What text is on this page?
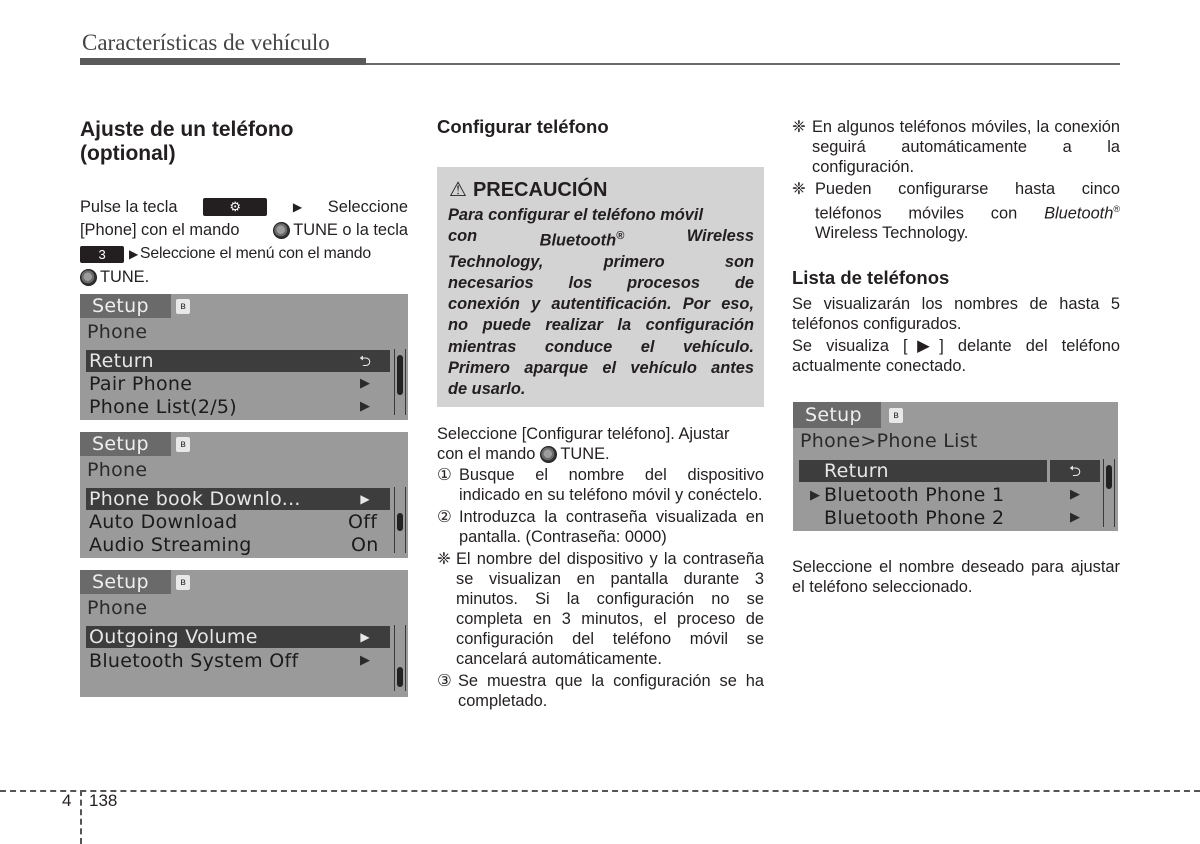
Características de vehículo
Ajuste de un teléfono
(optional)
Pulse la tecla	⚙	▶ Seleccione
[Phone] con el mando	TUNE o la tecla
3	▶ Seleccione el menú con el mando
TUNE.
Setup	ʙ
Phone
Return	⮌
Pair Phone	▶
Phone List(2/5)	▶
Setup	ʙ
Phone
Phone book Downlo...	▶
Auto Download	Off
Audio Streaming	On
Setup	ʙ
Phone
Outgoing Volume	▶
Bluetooth System Off	▶
Configurar teléfono
⚠ PRECAUCIÓN
Para configurar el teléfono móvil
con	Bluetooth®	Wireless
Technology, primero son
necesarios los procesos de
conexión y autentificación. Por eso,
no puede realizar la configuración
mientras conduce el vehículo.
Primero aparque el vehículo antes
de usarlo.
Seleccione [Configurar teléfono]. Ajustar
con el mando TUNE.
① Busque el nombre del dispositivo indicado en su teléfono móvil y conéctelo.
② Introduzca la contraseña visualizada en pantalla. (Contraseña: 0000)
❈ El nombre del dispositivo y la contraseña se visualizan en pantalla durante 3 minutos. Si la configuración no se completa en 3 minutos, el proceso de configuración del teléfono móvil se cancelará automáticamente.
③ Se muestra que la configuración se ha completado.
❈ En algunos teléfonos móviles, la conexión seguirá automáticamente a la configuración.
❈ Pueden configurarse hasta cinco teléfonos móviles con Bluetooth® Wireless Technology.
Lista de teléfonos
Se visualizarán los nombres de hasta 5 teléfonos configurados.
Se visualiza [▶] delante del teléfono actualmente conectado.
Setup	ʙ
Phone>Phone List
Return	⮌
▶ Bluetooth Phone 1	▶
Bluetooth Phone 2	▶
Seleccione el nombre deseado para ajustar el teléfono seleccionado.
4 138
